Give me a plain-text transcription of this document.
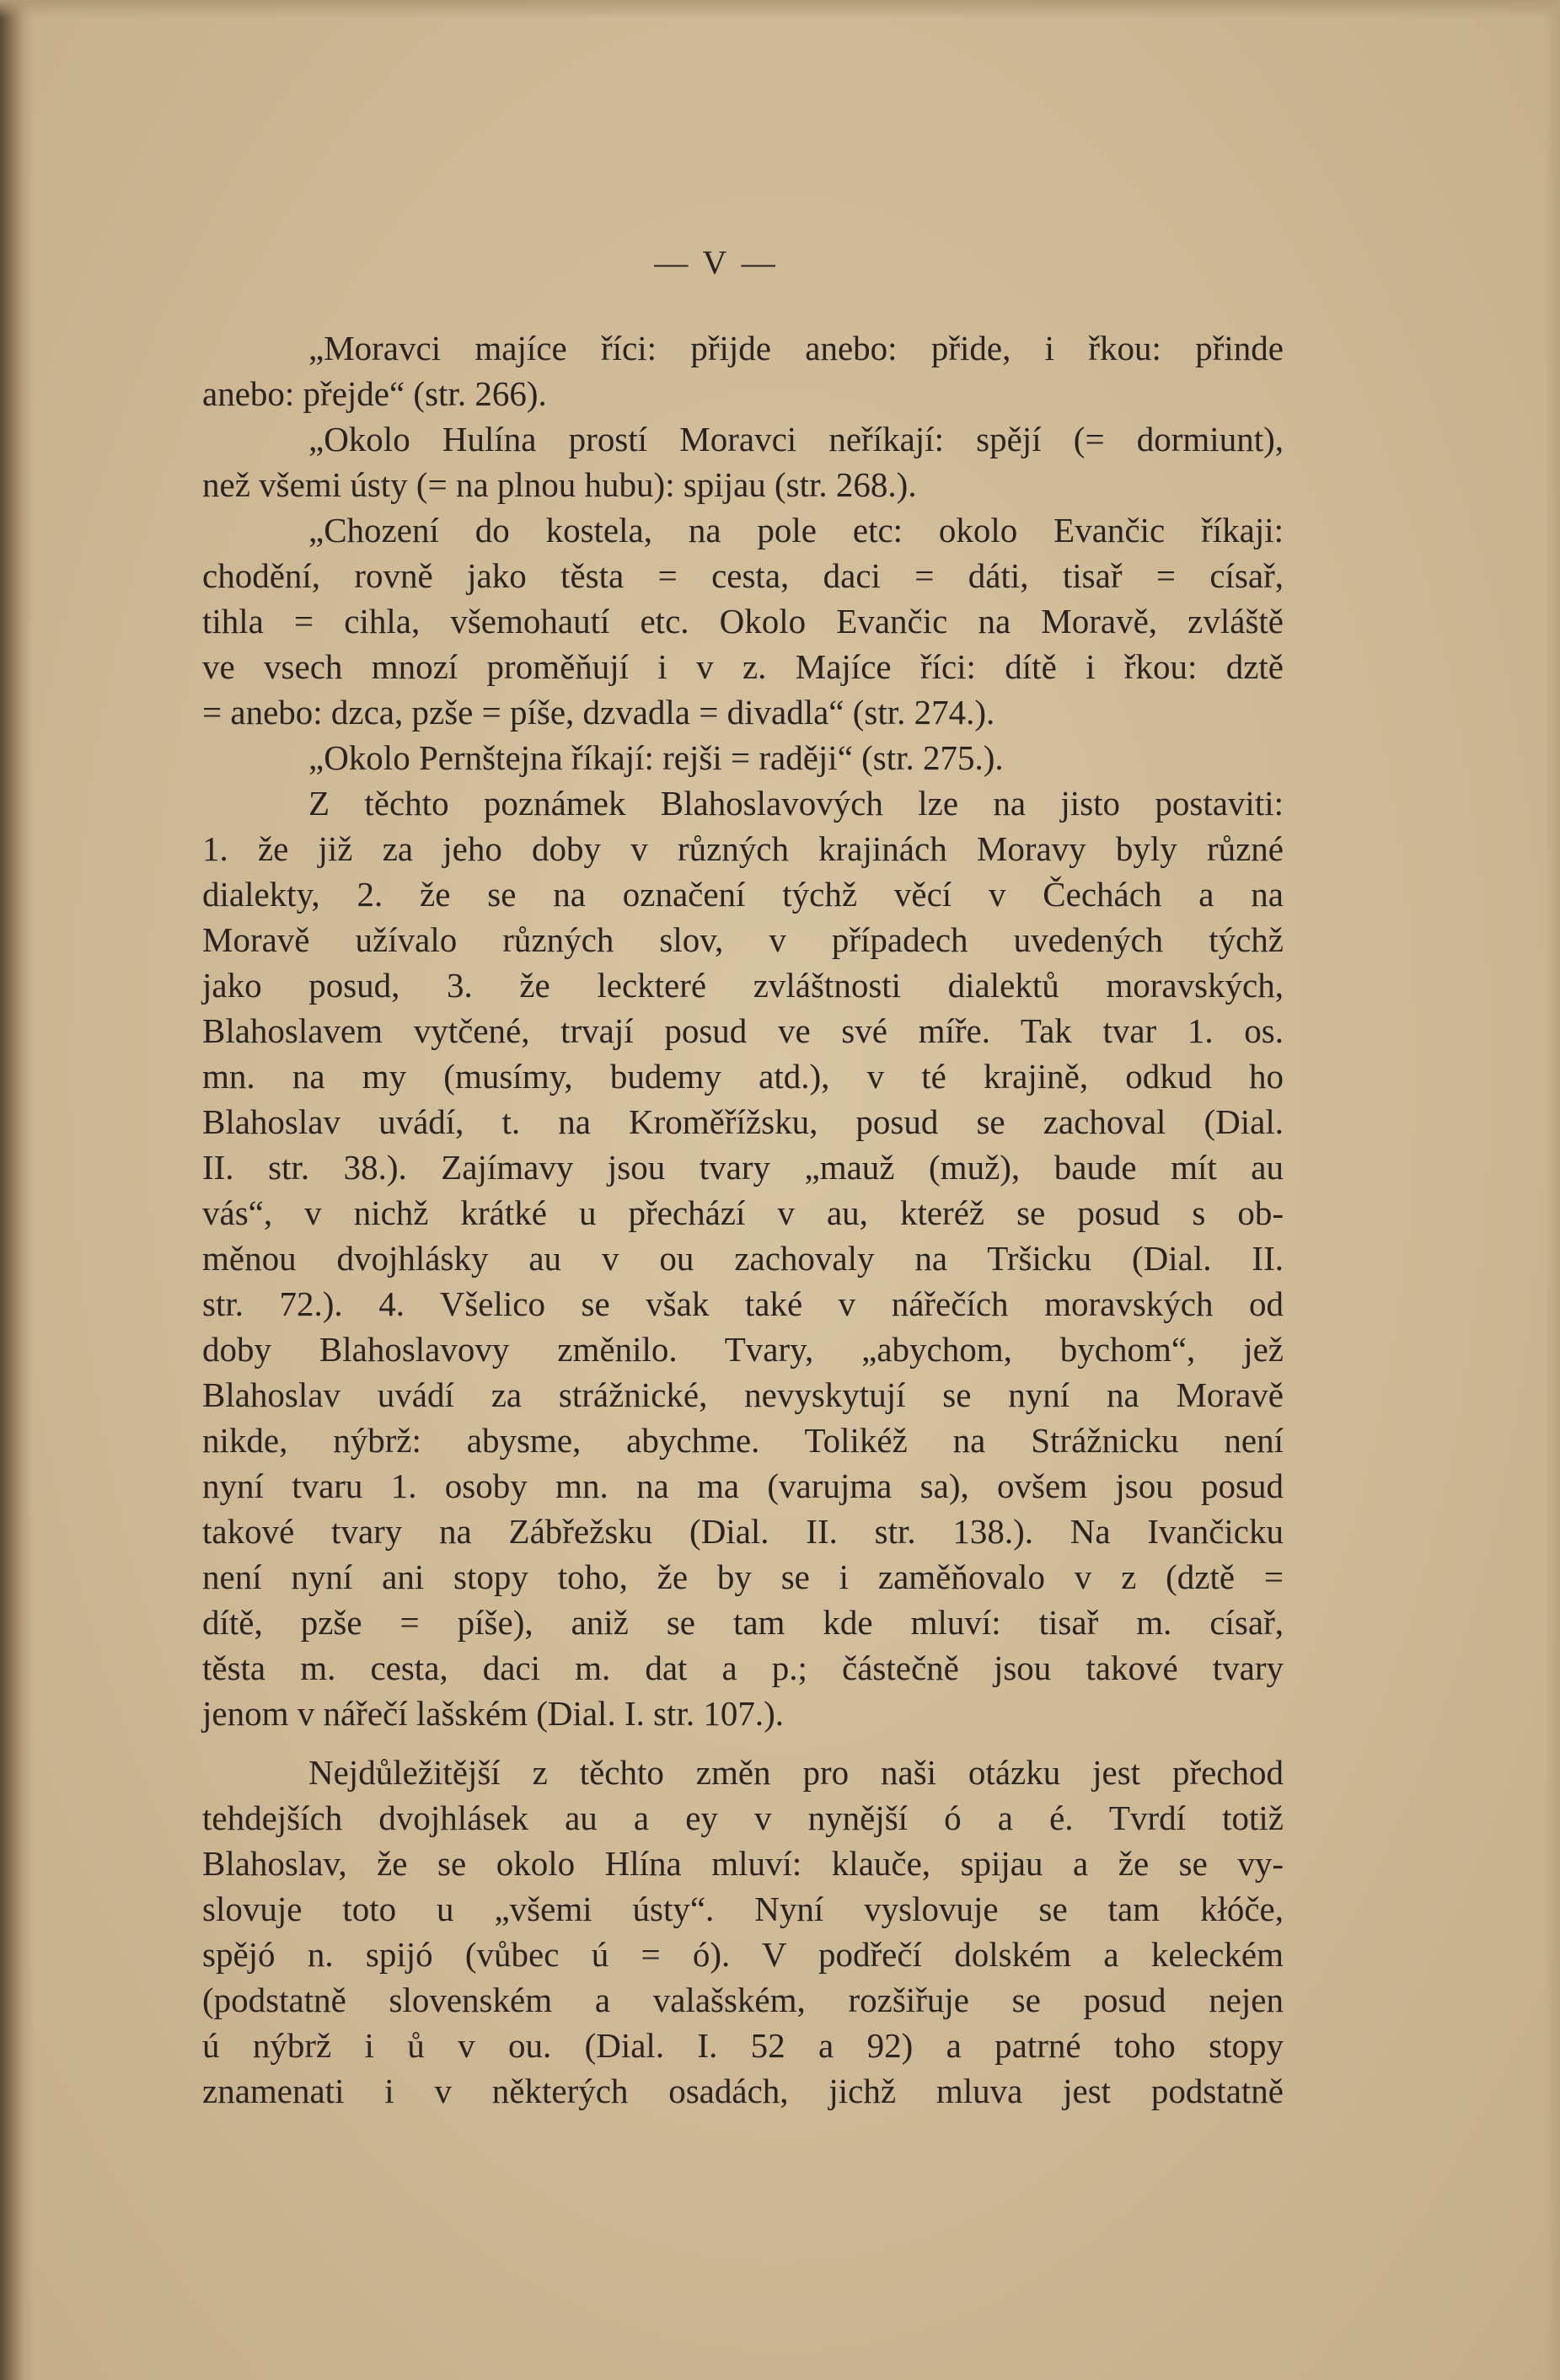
— V —
„Moravci majíce říci: přijde anebo: přide, i řkou: přinde
anebo: přejde“ (str. 266).
„Okolo Hulína prostí Moravci neříkají: spějí (= dormiunt),
než všemi ústy (= na plnou hubu): spijau (str. 268.).
„Chození do kostela, na pole etc: okolo Evančic říkaji:
chodění, rovně jako těsta = cesta, daci = dáti, tisař = císař,
tihla = cihla, všemohautí etc. Okolo Evančic na Moravě, zvláště
ve vsech mnozí proměňují i v z. Majíce říci: dítě i řkou: dztě
= anebo: dzca, pzše = píše, dzvadla = divadla“ (str. 274.).
„Okolo Pernštejna říkají: rejši = raději“ (str. 275.).
Z těchto poznámek Blahoslavových lze na jisto postaviti:
1. že již za jeho doby v různých krajinách Moravy byly různé
dialekty, 2. že se na označení týchž věcí v Čechách a na
Moravě užívalo různých slov, v případech uvedených týchž
jako posud, 3. že leckteré zvláštnosti dialektů moravských,
Blahoslavem vytčené, trvají posud ve své míře. Tak tvar 1. os.
mn. na my (musímy, budemy atd.), v té krajině, odkud ho
Blahoslav uvádí, t. na Kroměřížsku, posud se zachoval (Dial.
II. str. 38.). Zajímavy jsou tvary „mauž (muž), baude mít au
vás“, v nichž krátké u přechází v au, kteréž se posud s ob-
měnou dvojhlásky au v ou zachovaly na Tršicku (Dial. II.
str. 72.). 4. Všelico se však také v nářečích moravských od
doby Blahoslavovy změnilo. Tvary, „abychom, bychom“, jež
Blahoslav uvádí za strážnické, nevyskytují se nyní na Moravě
nikde, nýbrž: abysme, abychme. Tolikéž na Strážnicku není
nyní tvaru 1. osoby mn. na ma (varujma sa), ovšem jsou posud
takové tvary na Zábřežsku (Dial. II. str. 138.). Na Ivančicku
není nyní ani stopy toho, že by se i zaměňovalo v z (dztě =
dítě, pzše = píše), aniž se tam kde mluví: tisař m. císař,
těsta m. cesta, daci m. dat a p.; částečně jsou takové tvary
jenom v nářečí lašském (Dial. I. str. 107.).
Nejdůležitější z těchto změn pro naši otázku jest přechod
tehdejších dvojhlásek au a ey v nynější ó a é. Tvrdí totiž
Blahoslav, že se okolo Hlína mluví: klauče, spijau a že se vy-
slovuje toto u „všemi ústy“. Nyní vyslovuje se tam kłóče,
spějó n. spijó (vůbec ú = ó). V podřečí dolském a keleckém
(podstatně slovenském a valašském, rozšiřuje se posud nejen
ú nýbrž i ů v ou. (Dial. I. 52 a 92) a patrné toho stopy
znamenati i v některých osadách, jichž mluva jest podstatně
